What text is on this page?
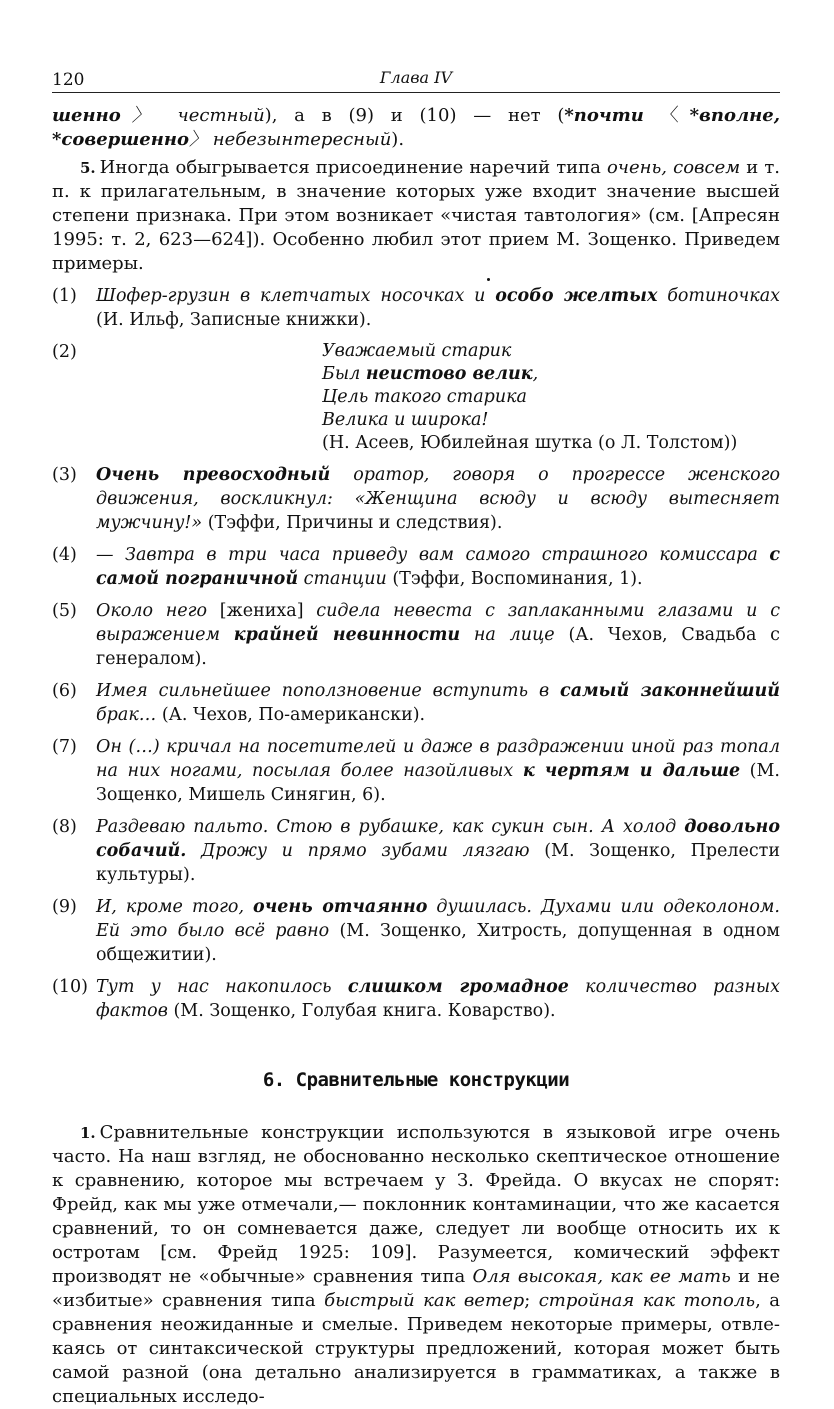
120	Глава IV

шенно〉 честный), а в (9) и (10) — нет (*почти 〈*вполне, *совершенно〉 небезынтересный).

5. Иногда обыгрывается присоединение наречий типа очень, совсем и т. п. к прилагательным, в значение которых уже входит значение высшей степени признака. При этом возникает «чистая тавтология» (см. [Апресян 1995: т. 2, 623—624]). Особенно любил этот прием М. Зощенко. Приведем примеры.

(1) Шофер-грузин в клетчатых носочках и особо желтых ботиночках (И. Ильф, Записные книжки).
(2)	Уважаемый старик
Был неистово велик,
Цель такого старика
Велика и широка!
(Н. Асеев, Юбилейная шутка (о Л. Толстом))
(3) Очень превосходный оратор, говоря о прогрессе женского движения, воскликнул: «Женщина всюду и всюду вытесняет мужчину!» (Тэффи, Причины и следствия).
(4) — Завтра в три часа приведу вам самого страшного комиссара с самой пограничной станции (Тэффи, Воспоминания, 1).
(5) Около него [жениха] сидела невеста с заплаканными глазами и с выражением крайней невинности на лице (А. Чехов, Свадьба с генералом).
(6) Имея сильнейшее поползновение вступить в самый законнейший брак… (А. Чехов, По-американски).
(7) Он (…) кричал на посетителей и даже в раздражении иной раз топал на них ногами, посылая более назойливых к чертям и дальше (М. Зощенко, Мишель Синягин, 6).
(8) Раздеваю пальто. Стою в рубашке, как сукин сын. А холод довольно собачий. Дрожу и прямо зубами лязгаю (М. Зощенко, Прелести культуры).
(9) И, кроме того, очень отчаянно душилась. Духами или одеколоном. Ей это было всё равно (М. Зощенко, Хитрость, допущенная в одном общежитии).
(10) Тут у нас накопилось слишком громадное количество разных фактов (М. Зощенко, Голубая книга. Коварство).
6. Сравнительные конструкции

1. Сравнительные конструкции используются в языковой игре очень часто. На наш взгляд, не обоснованно несколько скептическое отношение к сравнению, которое мы встречаем у З. Фрейда. О вкусах не спорят: Фрейд, как мы уже отмечали,— поклонник контаминации, что же касается сравнений, то он сомневается даже, следует ли вообще относить их к остротам [см. Фрейд 1925: 109]. Разумеется, комический эффект производят не «обычные» сравнения типа Оля высокая, как ее мать и не «избитые» сравнения типа быстрый как ветер; стройная как тополь, а сравнения неожиданные и смелые. Приведем некоторые примеры, отвлекаясь от синтаксической структуры предложений, которая может быть самой разной (она детально анализируется в грамматиках, а также в специальных исследо-
